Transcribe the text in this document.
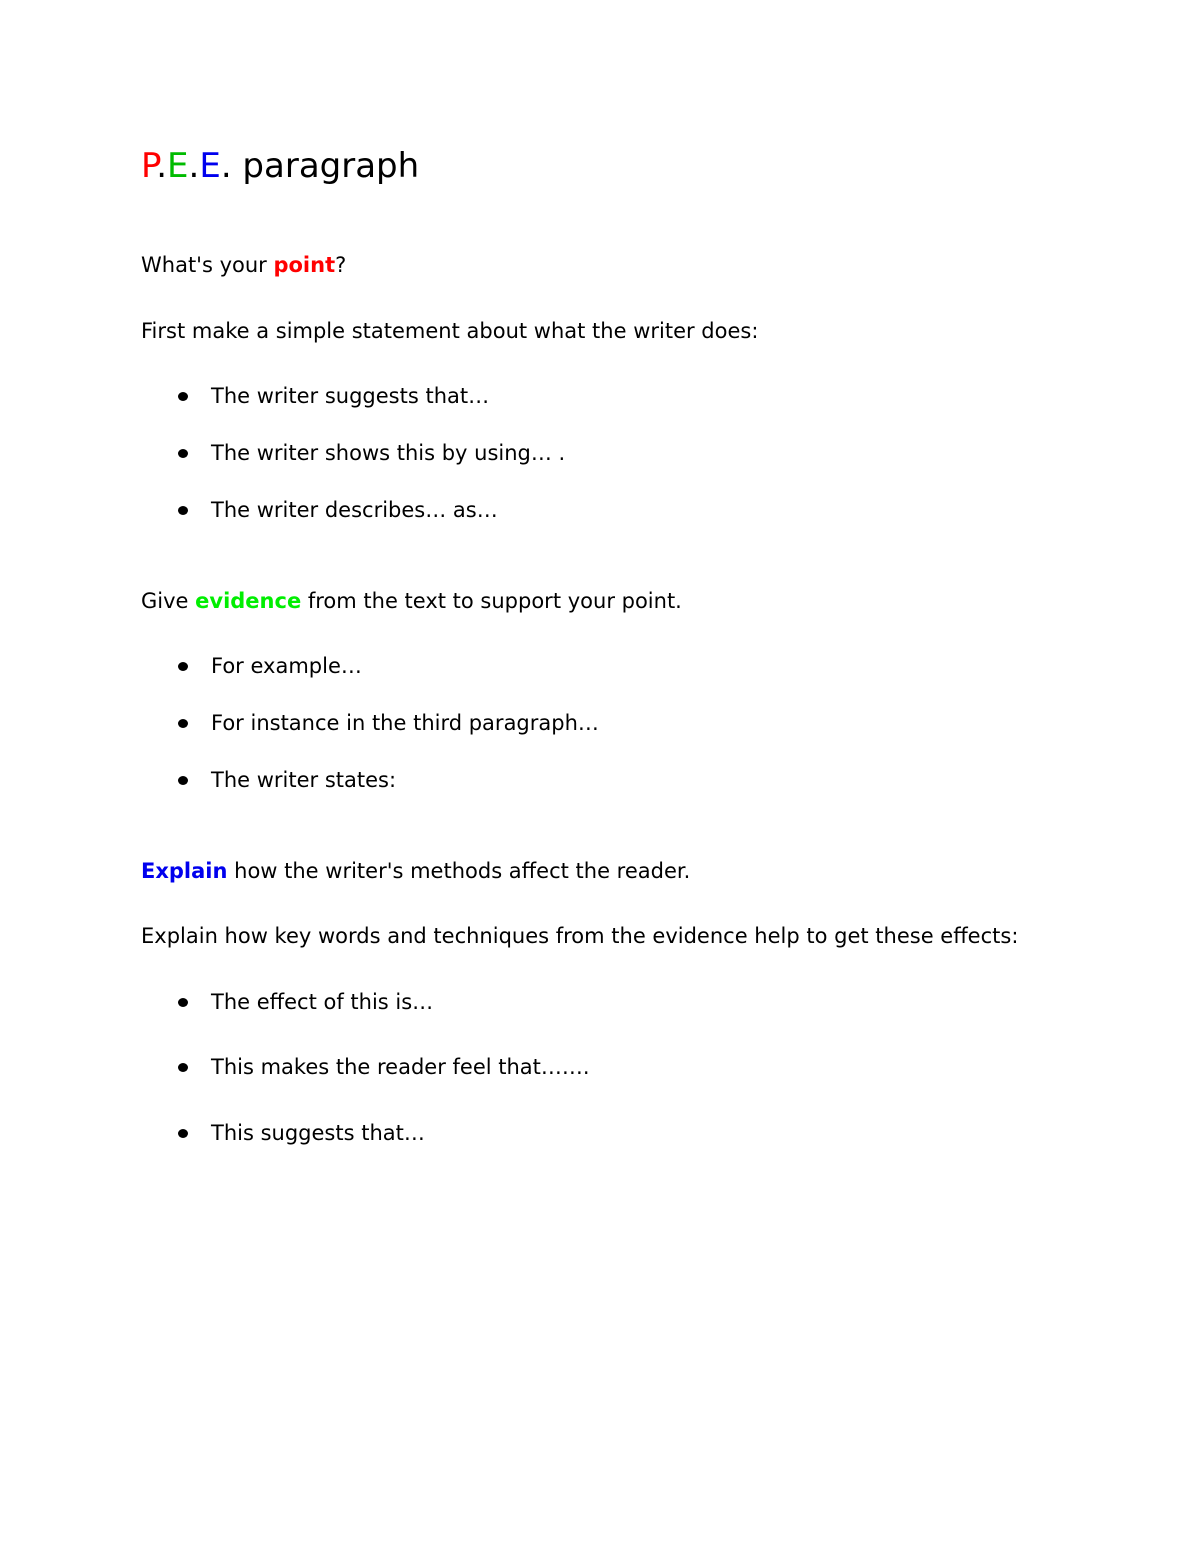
P.E.E. paragraph
What's your point?
First make a simple statement about what the writer does:
The writer suggests that…
The writer shows this by using… .
The writer describes… as…
Give evidence from the text to support your point.
For example…
For instance in the third paragraph…
The writer states:
Explain how the writer's methods affect the reader.
Explain how key words and techniques from the evidence help to get these effects:
The effect of this is…
This makes the reader feel that…….
This suggests that…
